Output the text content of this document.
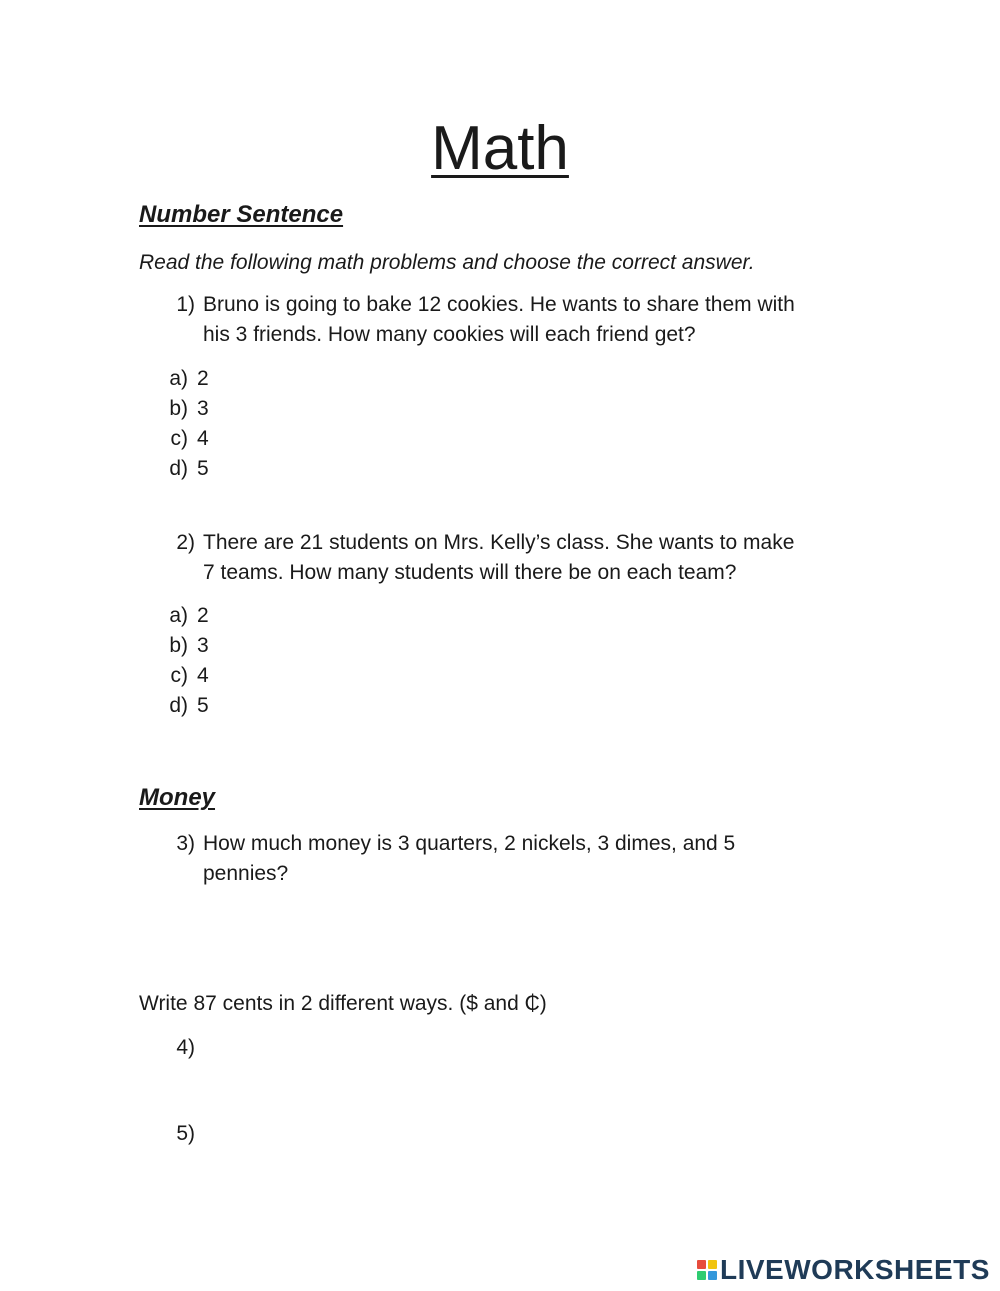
Math
Number Sentence
Read the following math problems and choose the correct answer.
1) Bruno is going to bake 12 cookies. He wants to share them with
his 3 friends. How many cookies will each friend get?
a) 2
b) 3
c) 4
d) 5
2) There are 21 students on Mrs. Kelly’s class. She wants to make
7 teams. How many students will there be on each team?
a) 2
b) 3
c) 4
d) 5
Money
3) How much money is 3 quarters, 2 nickels, 3 dimes, and 5
pennies?
Write 87 cents in 2 different ways. ($ and ₵)
4)
5)
LIVEWORKSHEETS
